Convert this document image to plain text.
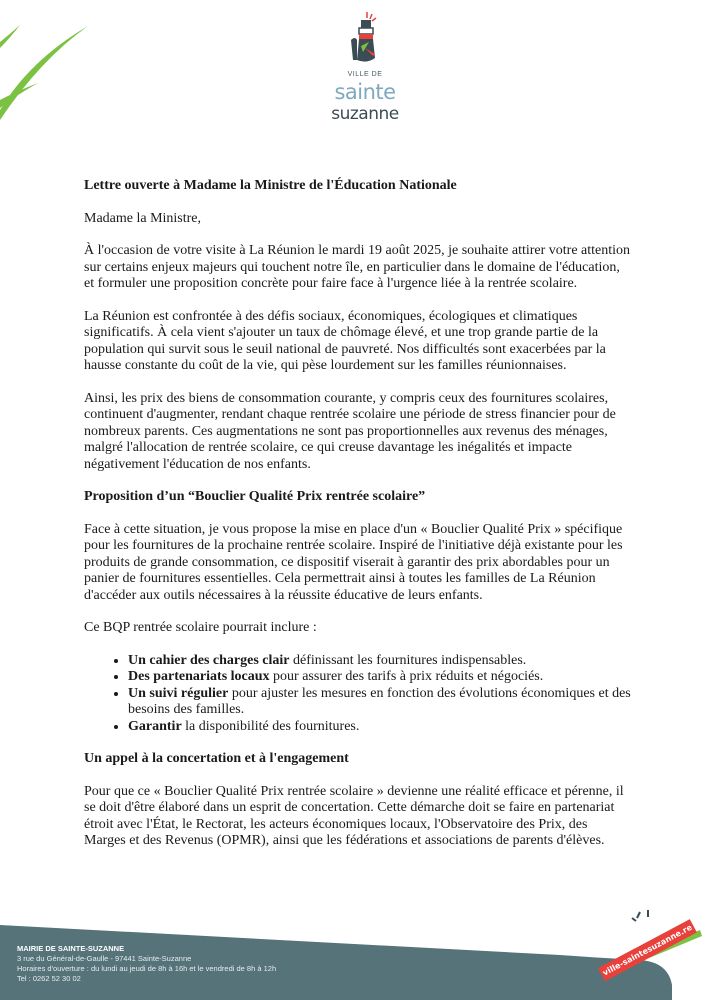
VILLE DE
sainte
suzanne
Lettre ouverte à Madame la Ministre de l'Éducation Nationale

Madame la Ministre,

À l'occasion de votre visite à La Réunion le mardi 19 août 2025, je souhaite attirer votre attention sur certains enjeux majeurs qui touchent notre île, en particulier dans le domaine de l'éducation, et formuler une proposition concrète pour faire face à l'urgence liée à la rentrée scolaire.

La Réunion est confrontée à des défis sociaux, économiques, écologiques et climatiques significatifs. À cela vient s'ajouter un taux de chômage élevé, et une trop grande partie de la population qui survit sous le seuil national de pauvreté. Nos difficultés sont exacerbées par la hausse constante du coût de la vie, qui pèse lourdement sur les familles réunionnaises.

Ainsi, les prix des biens de consommation courante, y compris ceux des fournitures scolaires, continuent d'augmenter, rendant chaque rentrée scolaire une période de stress financier pour de nombreux parents. Ces augmentations ne sont pas proportionnelles aux revenus des ménages, malgré l'allocation de rentrée scolaire, ce qui creuse davantage les inégalités et impacte négativement l'éducation de nos enfants.

Proposition d’un “Bouclier Qualité Prix rentrée scolaire”

Face à cette situation, je vous propose la mise en place d'un « Bouclier Qualité Prix » spécifique pour les fournitures de la prochaine rentrée scolaire. Inspiré de l'initiative déjà existante pour les produits de grande consommation, ce dispositif viserait à garantir des prix abordables pour un panier de fournitures essentielles. Cela permettrait ainsi à toutes les familles de La Réunion d'accéder aux outils nécessaires à la réussite éducative de leurs enfants.

Ce BQP rentrée scolaire pourrait inclure :

• Un cahier des charges clair définissant les fournitures indispensables.
• Des partenariats locaux pour assurer des tarifs à prix réduits et négociés.
• Un suivi régulier pour ajuster les mesures en fonction des évolutions économiques et des besoins des familles.
• Garantir la disponibilité des fournitures.
Un appel à la concertation et à l'engagement

Pour que ce « Bouclier Qualité Prix rentrée scolaire » devienne une réalité efficace et pérenne, il se doit d'être élaboré dans un esprit de concertation. Cette démarche doit se faire en partenariat étroit avec l'État, le Rectorat, les acteurs économiques locaux, l'Observatoire des Prix, des Marges et des Revenus (OPMR), ainsi que les fédérations et associations de parents d'élèves.

MAIRIE DE SAINTE-SUZANNE
3 rue du Général-de-Gaulle - 97441 Sainte-Suzanne
Horaires d'ouverture : du lundi au jeudi de 8h à 16h et le vendredi de 8h à 12h
Tel : 0262 52 30 02
ville-saintesuzanne.re
